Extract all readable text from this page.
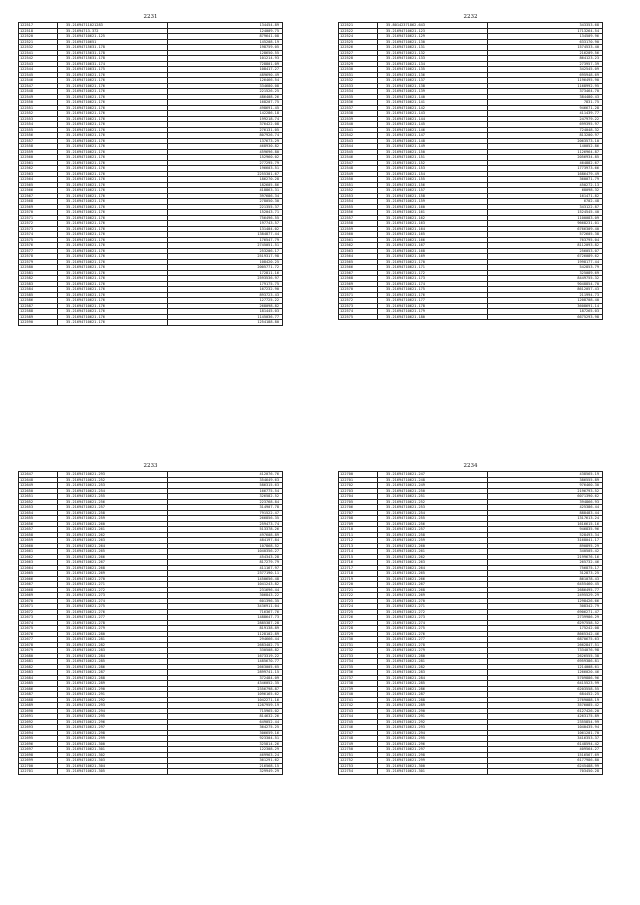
2231
122517	35.21694711021283	134454.89
122518	35.21694713.372	124009.75
122520	35.21694710621.125	879641.08
122521	35.21694710651	145208.19
122532	35.21694715631.178	198759.05
122541	35.21694715631.178	128650.55
122542	35.21694715631.178	101214.93
122543	35.21694710631.174	728801.09
122544	35.21694710631.175	108417.27
122545	35.21694710621.176	489690.49
122546	35.21694710621.176	126466.54
122547	35.21694710621.176	334680.08
122548	35.21694710621.176	221526.25
122549	35.21694710621.176	486408.26
122550	35.21694710621.176	168207.75
122551	35.21694710621.176	498691.45
122552	35.21694710621.176	142286.18
122553	35.21694710621.176	199218.74
122554	35.21694710621.176	376422.08
122555	35.21694710621.176	276131.05
122556	35.21694710621.176	807926.74
122557	35.21694710621.176	137673.29
122558	35.21694710621.176	468930.82
122559	35.21694710621.176	459696.80
122560	35.21694710621.176	152960.02
122561	35.21694710621.176	277295.79
122562	35.21694710621.176	196603.51
122563	35.21694710621.176	2255301.67
122564	35.21694710621.176	186270.28
122565	35.21694710621.176	182605.86
122566	35.21694710621.176	418863.31
122567	35.21694710621.176	397686.34
122568	35.21694710621.176	278050.30
122569	35.21694710621.176	221355.37
122570	35.21694710621.176	152043.71
122571	35.21694710621.176	756496.55
122572	35.21694710621.176	197743.57
122573	35.21694710621.176	131404.02
122574	35.21694710621.176	1384877.44
122575	35.21694710621.176	176547.79
122576	35.21694710621.176	2745051.51
122577	35.21694710621.176	253206.17
122578	35.21694710621.176	2519317.98
122579	35.21694710621.176	108420.25
122580	35.21694710621.176	2005771.72
122581	35.21694710621.176	172811.16
122582	35.21694710621.176	2593536.97
122583	35.21694710621.176	179175.75
122584	35.21694710621.176	167232.90
122585	35.21694710621.176	893723.43
122586	35.21694710621.176	127725.22
122587	35.21694710621.176	268098.82
122588	35.21694710621.176	181445.03
122589	35.21694710621.176	1145036.77
122590	35.21694710621.176	1254188.80
2232
122521	35.80142371862.643	343353.68
122522	35.21694710621.123	1713264.54
122524	35.21694710621.129	134509.96
122525	35.21694710621.130	633170.90
122526	35.21694710621.131	1574533.40
122527	35.21694710621.132	216209.56
122528	35.21694710621.133	864123.23
122529	35.21694710621.134	273957.39
122530	35.21694710621.135	342545.09
122531	35.21694710621.136	695948.69
122532	35.21694710621.137	1196495.90
122533	35.21694710621.138	1168992.95
122534	35.21694710621.139	373464.70
122535	35.21694710621.140	384480.43
122536	35.21694710621.141	7831.75
122537	35.21694710621.142	946671.28
122538	35.21694710621.143	411439.77
122539	35.21694710621.144	247979.22
122540	35.21694710621.145	699395.97
122541	35.21694710621.146	724048.32
122542	35.21694710621.147	813200.97
122543	35.21694710621.148	2063573.10
122544	35.21694710621.149	140052.86
122545	35.21694710621.150	1126964.87
122546	35.21694710621.151	2056934.85
122547	35.21694710621.152	464882.67
122548	35.21694710621.153	1773973.66
122549	35.21694710621.154	1686479.49
122550	35.21694710621.155	360071.79
122551	35.21694710621.156	450272.13
122552	35.21694710621.157	68098.32
122553	35.21694710621.158	161471.82
122554	35.21694710621.159	6702.48
122555	35.21694710621.160	343122.87
122556	35.21694710621.161	1524545.40
122557	35.21694710621.162	1100083.09
122558	35.21694710621.163	9668231.01
122559	35.21694710621.164	6766309.40
122560	35.21694710621.165	572605.38
122561	35.21694710621.166	763795.04
122562	35.21694710621.167	8112093.82
122563	35.21694710621.168	256053.07
122564	35.21694710621.169	6726089.62
122565	35.21694710621.170	1998177.44
122566	35.21694710621.171	542853.79
122567	35.21694710621.172	325089.69
122568	35.21694710621.173	8449755.32
122569	35.21694710621.174	9048854.70
122570	35.21694710621.175	8612057.43
122571	35.21694710621.176	211994.73
122572	35.21694710621.177	1208708.40
122573	35.21694710621.178	3608691.14
122574	35.21694710621.179	187265.03
122575	35.21694710621.180	6675293.98
2233
122647	35.21694710621.293	412076.76
122648	35.21694710621.252	354649.63
122649	35.21694710621.253	586315.63
122650	35.21694710621.254	166775.54
122651	35.21694710621.255	326582.52
122652	35.21694710621.256	223768.84
122653	35.21694710621.257	314907.78
122654	35.21694710621.258	791522.47
122655	35.21694710621.259	266856.35
122656	35.21694710621.260	259473.74
122657	35.21694710621.261	513378.26
122658	35.21694710621.262	497608.89
122659	35.21694710621.263	484197.84
122660	35.21694710621.264	107868.52
122661	35.21694710621.265	1040356.27
122662	35.21694710621.266	454343.28
122663	35.21694710621.267	817279.79
122664	35.21694710621.268	411167.97
122665	35.21694710621.269	2377190.11
122666	35.21694710621.270	1450656.48
122667	35.21694710621.271	1041243.82
122668	35.21694710621.272	231696.44
122669	35.21694710621.273	306843.22
122670	35.21694710621.274	601396.35
122671	35.21694710621.275	3436911.04
122672	35.21694710621.276	716367.76
122673	35.21694710621.277	1488647.73
122674	35.21694710621.278	2885387.28
122675	35.21694710621.279	819138.89
122676	35.21694710621.280	1128102.89
122677	35.21694710621.281	294666.44
122678	35.21694710621.282	2683402.75
122679	35.21694710621.283	330508.82
122680	35.21694710621.284	1673319.22
122681	35.21694710621.285	1485670.77
122682	35.21694710621.286	2663005.65
122683	35.21694710621.287	2899741.15
122684	35.21694710621.288	372484.09
122685	35.21694710621.289	4346052.35
122686	35.21694710621.290	2356798.87
122687	35.21694710621.291	1096165.62
122688	35.21694710621.292	1042271.16
122689	35.21694710621.293	1287959.19
122690	35.21694710621.294	715965.02
122691	35.21694710621.295	814632.26
122692	35.21694710621.296	649052.44
122693	35.21694710621.297	364275.25
122694	35.21694710621.298	306659.16
122695	35.21694710621.299	923304.51
122696	35.21694710621.300	325814.26
122697	35.21694710621.301	122308.29
122698	35.21694710621.302	469963.24
122699	35.21694710621.303	361291.62
122700	35.21694710621.304	216568.15
122701	35.21694710621.305	329949.29
2234
122700	35.21694710621.247	438565.19
122701	35.21694710621.248	386555.89
122702	35.21694710621.249	976460.30
122703	35.21694710621.250	2196793.52
122704	35.21694710621.251	6071390.62
122705	35.21694710621.252	394866.93
122706	35.21694710621.253	425386.44
122707	35.21694710621.254	888483.44
122708	35.21694710621.255	1317613.24
122709	35.21694710621.256	1616615.16
122710	35.21694710621.257	946835.96
122711	35.21694710621.258	528493.34
122712	35.21694710621.259	3168041.17
122713	35.21694710621.260	890895.29
122714	35.21694710621.261	340505.42
122715	35.21694710621.262	2199676.16
122716	35.21694710621.263	265732.46
122717	35.21694710621.264	756875.17
122718	35.21694710621.265	312873.25
122719	35.21694710621.266	861078.43
122720	35.21694710621.267	6455460.45
122721	35.21694710621.268	2686495.77
122722	35.21694710621.269	2495529.29
122723	35.21694710621.270	1298426.66
122724	35.21694710621.271	308342.79
122725	35.21694710621.272	6906271.47
122726	35.21694710621.273	2739986.29
122727	35.21694710621.274	6297558.52
122728	35.21694710621.275	175242.08
122729	35.21694710621.276	8665342.46
122730	35.21694710621.277	6870675.63
122731	35.21694710621.278	2662847.51
122732	35.21694710621.279	7334076.98
122733	35.21694710621.280	2626555.38
122734	35.21694710621.281	6959386.81
122735	35.21694710621.282	1214008.61
122736	35.21694710621.283	1266020.46
122737	35.21694710621.284	5709886.96
122738	35.21694710621.285	6415523.99
122739	35.21694710621.286	6203558.55
122740	35.21694710621.287	684452.25
122741	35.21694710621.288	2769088.19
122742	35.21694710621.289	3576085.42
122743	35.21694710621.290	6127426.20
122744	35.21694710621.291	4263175.89
122745	35.21694710621.292	2355854.99
122746	35.21694710621.293	1040435.94
122747	35.21694710621.294	1061201.70
122748	35.21694710621.295	3416353.37
122749	35.21694710621.296	6148594.42
122750	35.21694710621.297	409564.27
122751	35.21694710621.298	1516567.69
122752	35.21694710621.299	6177986.80
122753	35.21694710621.300	6245488.99
122754	35.21694710621.301	703450.28
